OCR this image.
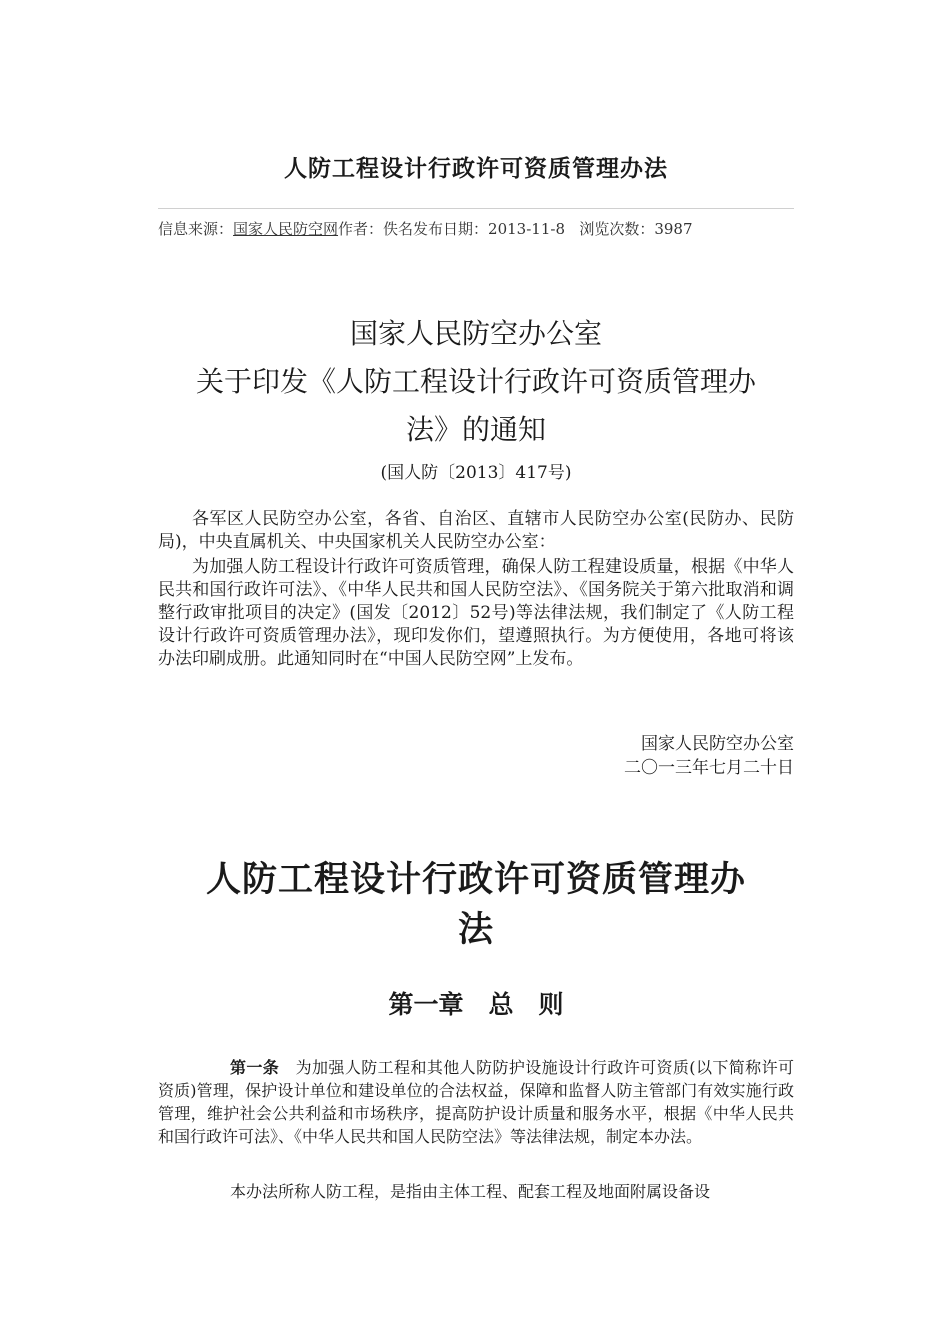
人防工程设计行政许可资质管理办法
信息来源：国家人民防空网作者：佚名发布日期：2013-11-8 浏览次数：3987
国家人民防空办公室
关于印发《人防工程设计行政许可资质管理办
法》的通知
(国人防〔2013〕417号)
各军区人民防空办公室，各省、自治区、直辖市人民防空办公室(民防办、民防局)，中央直属机关、中央国家机关人民防空办公室：
为加强人防工程设计行政许可资质管理，确保人防工程建设质量，根据《中华人民共和国行政许可法》、《中华人民共和国人民防空法》、《国务院关于第六批取消和调整行政审批项目的决定》(国发〔2012〕52号)等法律法规，我们制定了《人防工程设计行政许可资质管理办法》，现印发你们，望遵照执行。为方便使用，各地可将该办法印刷成册。此通知同时在“中国人民防空网”上发布。
国家人民防空办公室
二〇一三年七月二十日
人防工程设计行政许可资质管理办
法
第一章　总　则
第一条　 为加强人防工程和其他人防防护设施设计行政许可资质(以下简称许可资质)管理，保护设计单位和建设单位的合法权益，保障和监督人防主管部门有效实施行政管理，维护社会公共利益和市场秩序，提高防护设计质量和服务水平，根据《中华人民共和国行政许可法》、《中华人民共和国人民防空法》等法律法规，制定本办法。
本办法所称人防工程，是指由主体工程、配套工程及地面附属设备设
